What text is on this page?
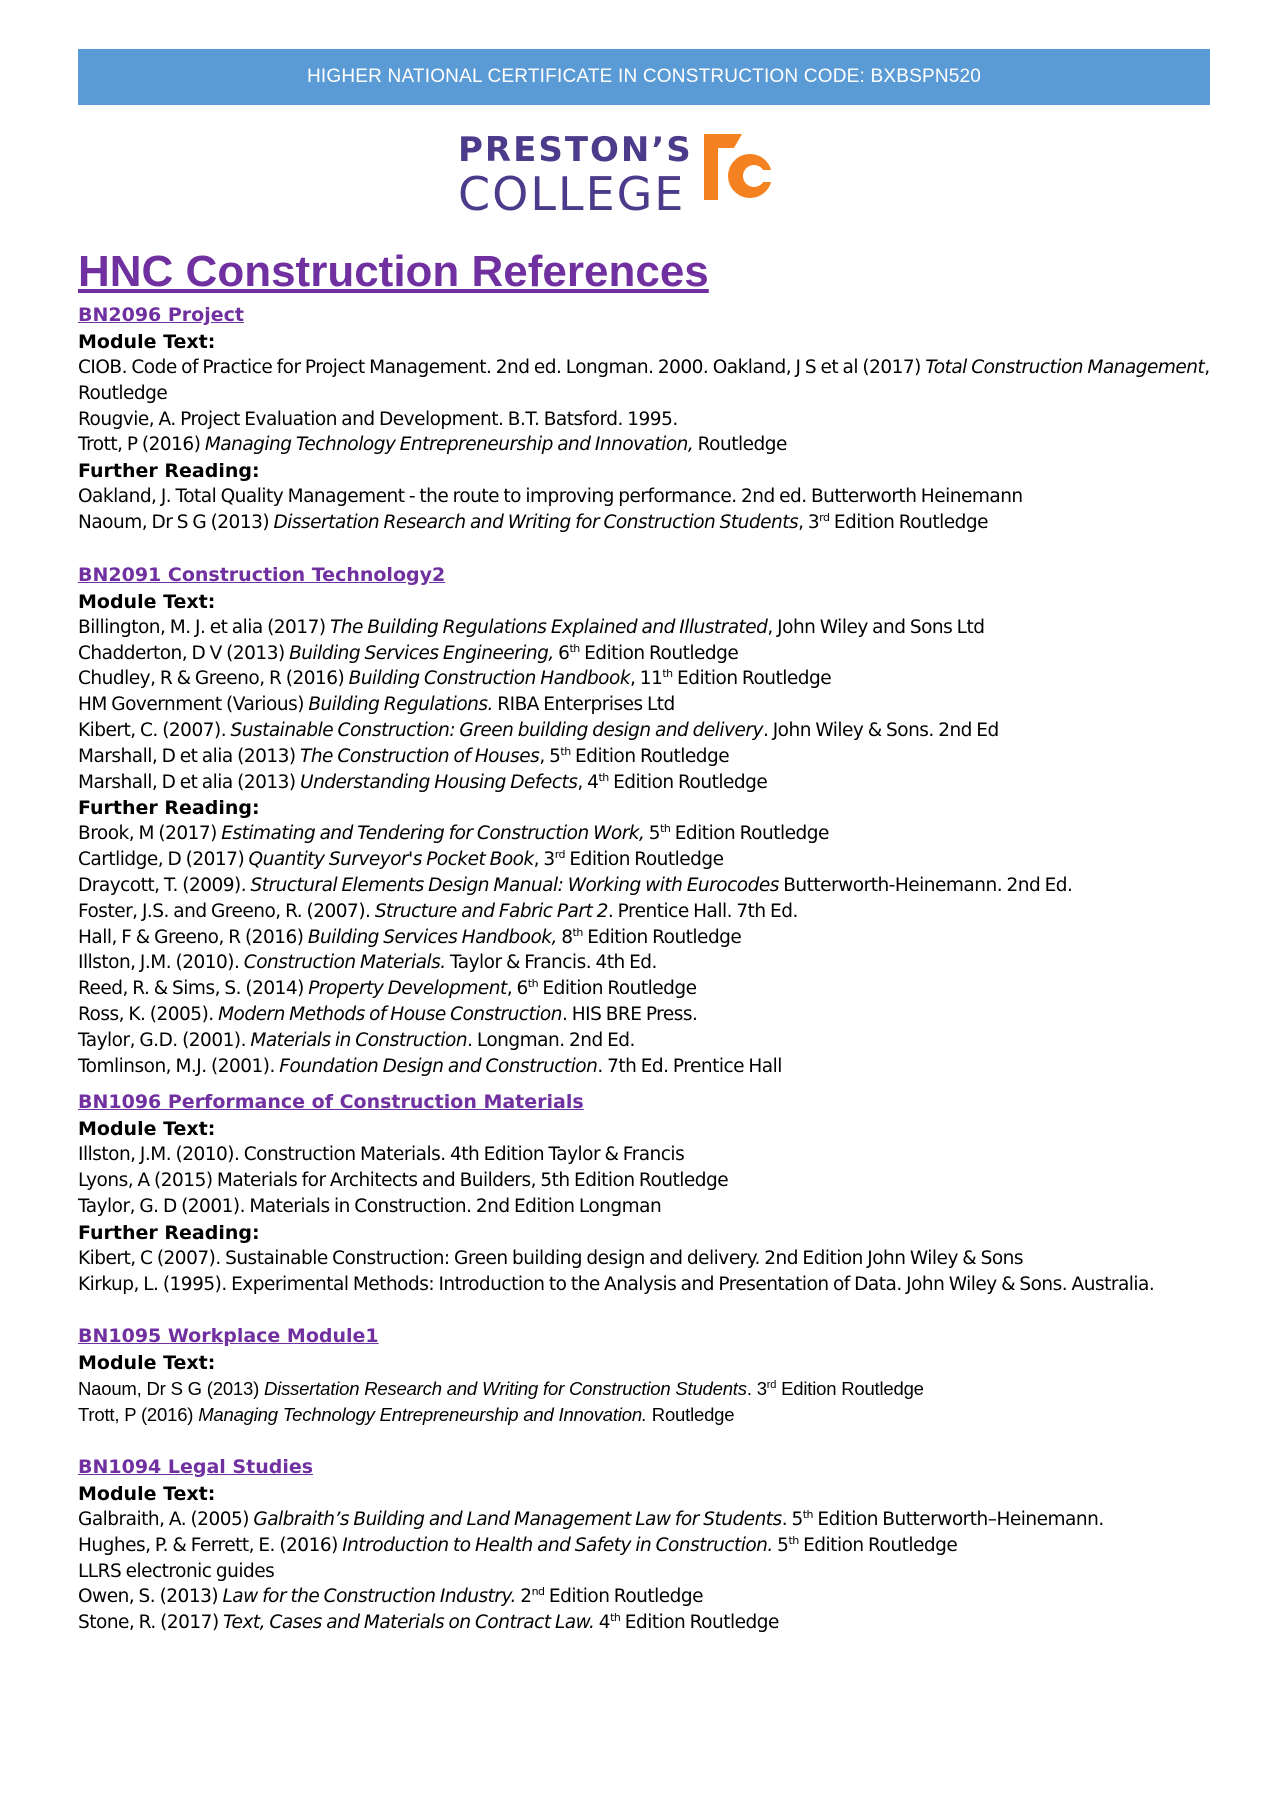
HIGHER NATIONAL CERTIFICATE IN CONSTRUCTION CODE: BXBSPN520
PRESTON’S
COLLEGE
HNC Construction References
BN2096 Project
Module Text:
CIOB. Code of Practice for Project Management. 2nd ed. Longman. 2000. Oakland, J S et al (2017) Total Construction Management, Routledge
Rougvie, A. Project Evaluation and Development. B.T. Batsford. 1995.
Trott, P (2016) Managing Technology Entrepreneurship and Innovation, Routledge
Further Reading:
Oakland, J. Total Quality Management - the route to improving performance. 2nd ed. Butterworth Heinemann
Naoum, Dr S G (2013) Dissertation Research and Writing for Construction Students, 3rd Edition Routledge
BN2091 Construction Technology2
Module Text:
Billington, M. J. et alia (2017) The Building Regulations Explained and Illustrated, John Wiley and Sons Ltd
Chadderton, D V (2013) Building Services Engineering, 6th Edition Routledge
Chudley, R & Greeno, R (2016) Building Construction Handbook, 11th Edition Routledge
HM Government (Various) Building Regulations. RIBA Enterprises Ltd
Kibert, C. (2007). Sustainable Construction: Green building design and delivery. John Wiley & Sons. 2nd Ed
Marshall, D et alia (2013) The Construction of Houses, 5th Edition Routledge
Marshall, D et alia (2013) Understanding Housing Defects, 4th Edition Routledge
Further Reading:
Brook, M (2017) Estimating and Tendering for Construction Work, 5th Edition Routledge
Cartlidge, D (2017) Quantity Surveyor's Pocket Book, 3rd Edition Routledge
Draycott, T. (2009). Structural Elements Design Manual: Working with Eurocodes Butterworth-Heinemann. 2nd Ed.
Foster, J.S. and Greeno, R. (2007). Structure and Fabric Part 2. Prentice Hall. 7th Ed.
Hall, F & Greeno, R (2016) Building Services Handbook, 8th Edition Routledge
Illston, J.M. (2010). Construction Materials. Taylor & Francis. 4th Ed.
Reed, R. & Sims, S. (2014) Property Development, 6th Edition Routledge
Ross, K. (2005). Modern Methods of House Construction. HIS BRE Press.
Taylor, G.D. (2001). Materials in Construction. Longman. 2nd Ed.
Tomlinson, M.J. (2001). Foundation Design and Construction. 7th Ed. Prentice Hall
BN1096 Performance of Construction Materials
Module Text:
Illston, J.M. (2010). Construction Materials. 4th Edition Taylor & Francis
Lyons, A (2015) Materials for Architects and Builders, 5th Edition Routledge
Taylor, G. D (2001). Materials in Construction. 2nd Edition Longman
Further Reading:
Kibert, C (2007). Sustainable Construction: Green building design and delivery. 2nd Edition John Wiley & Sons
Kirkup, L. (1995). Experimental Methods: Introduction to the Analysis and Presentation of Data. John Wiley & Sons. Australia.
BN1095 Workplace Module1
Module Text:
Naoum, Dr S G (2013) Dissertation Research and Writing for Construction Students. 3rd Edition Routledge
Trott, P (2016) Managing Technology Entrepreneurship and Innovation. Routledge
BN1094 Legal Studies
Module Text:
Galbraith, A. (2005) Galbraith’s Building and Land Management Law for Students. 5th Edition Butterworth–Heinemann.
Hughes, P. & Ferrett, E. (2016) Introduction to Health and Safety in Construction. 5th Edition Routledge
LLRS electronic guides
Owen, S. (2013) Law for the Construction Industry. 2nd Edition Routledge
Stone, R. (2017) Text, Cases and Materials on Contract Law. 4th Edition Routledge
